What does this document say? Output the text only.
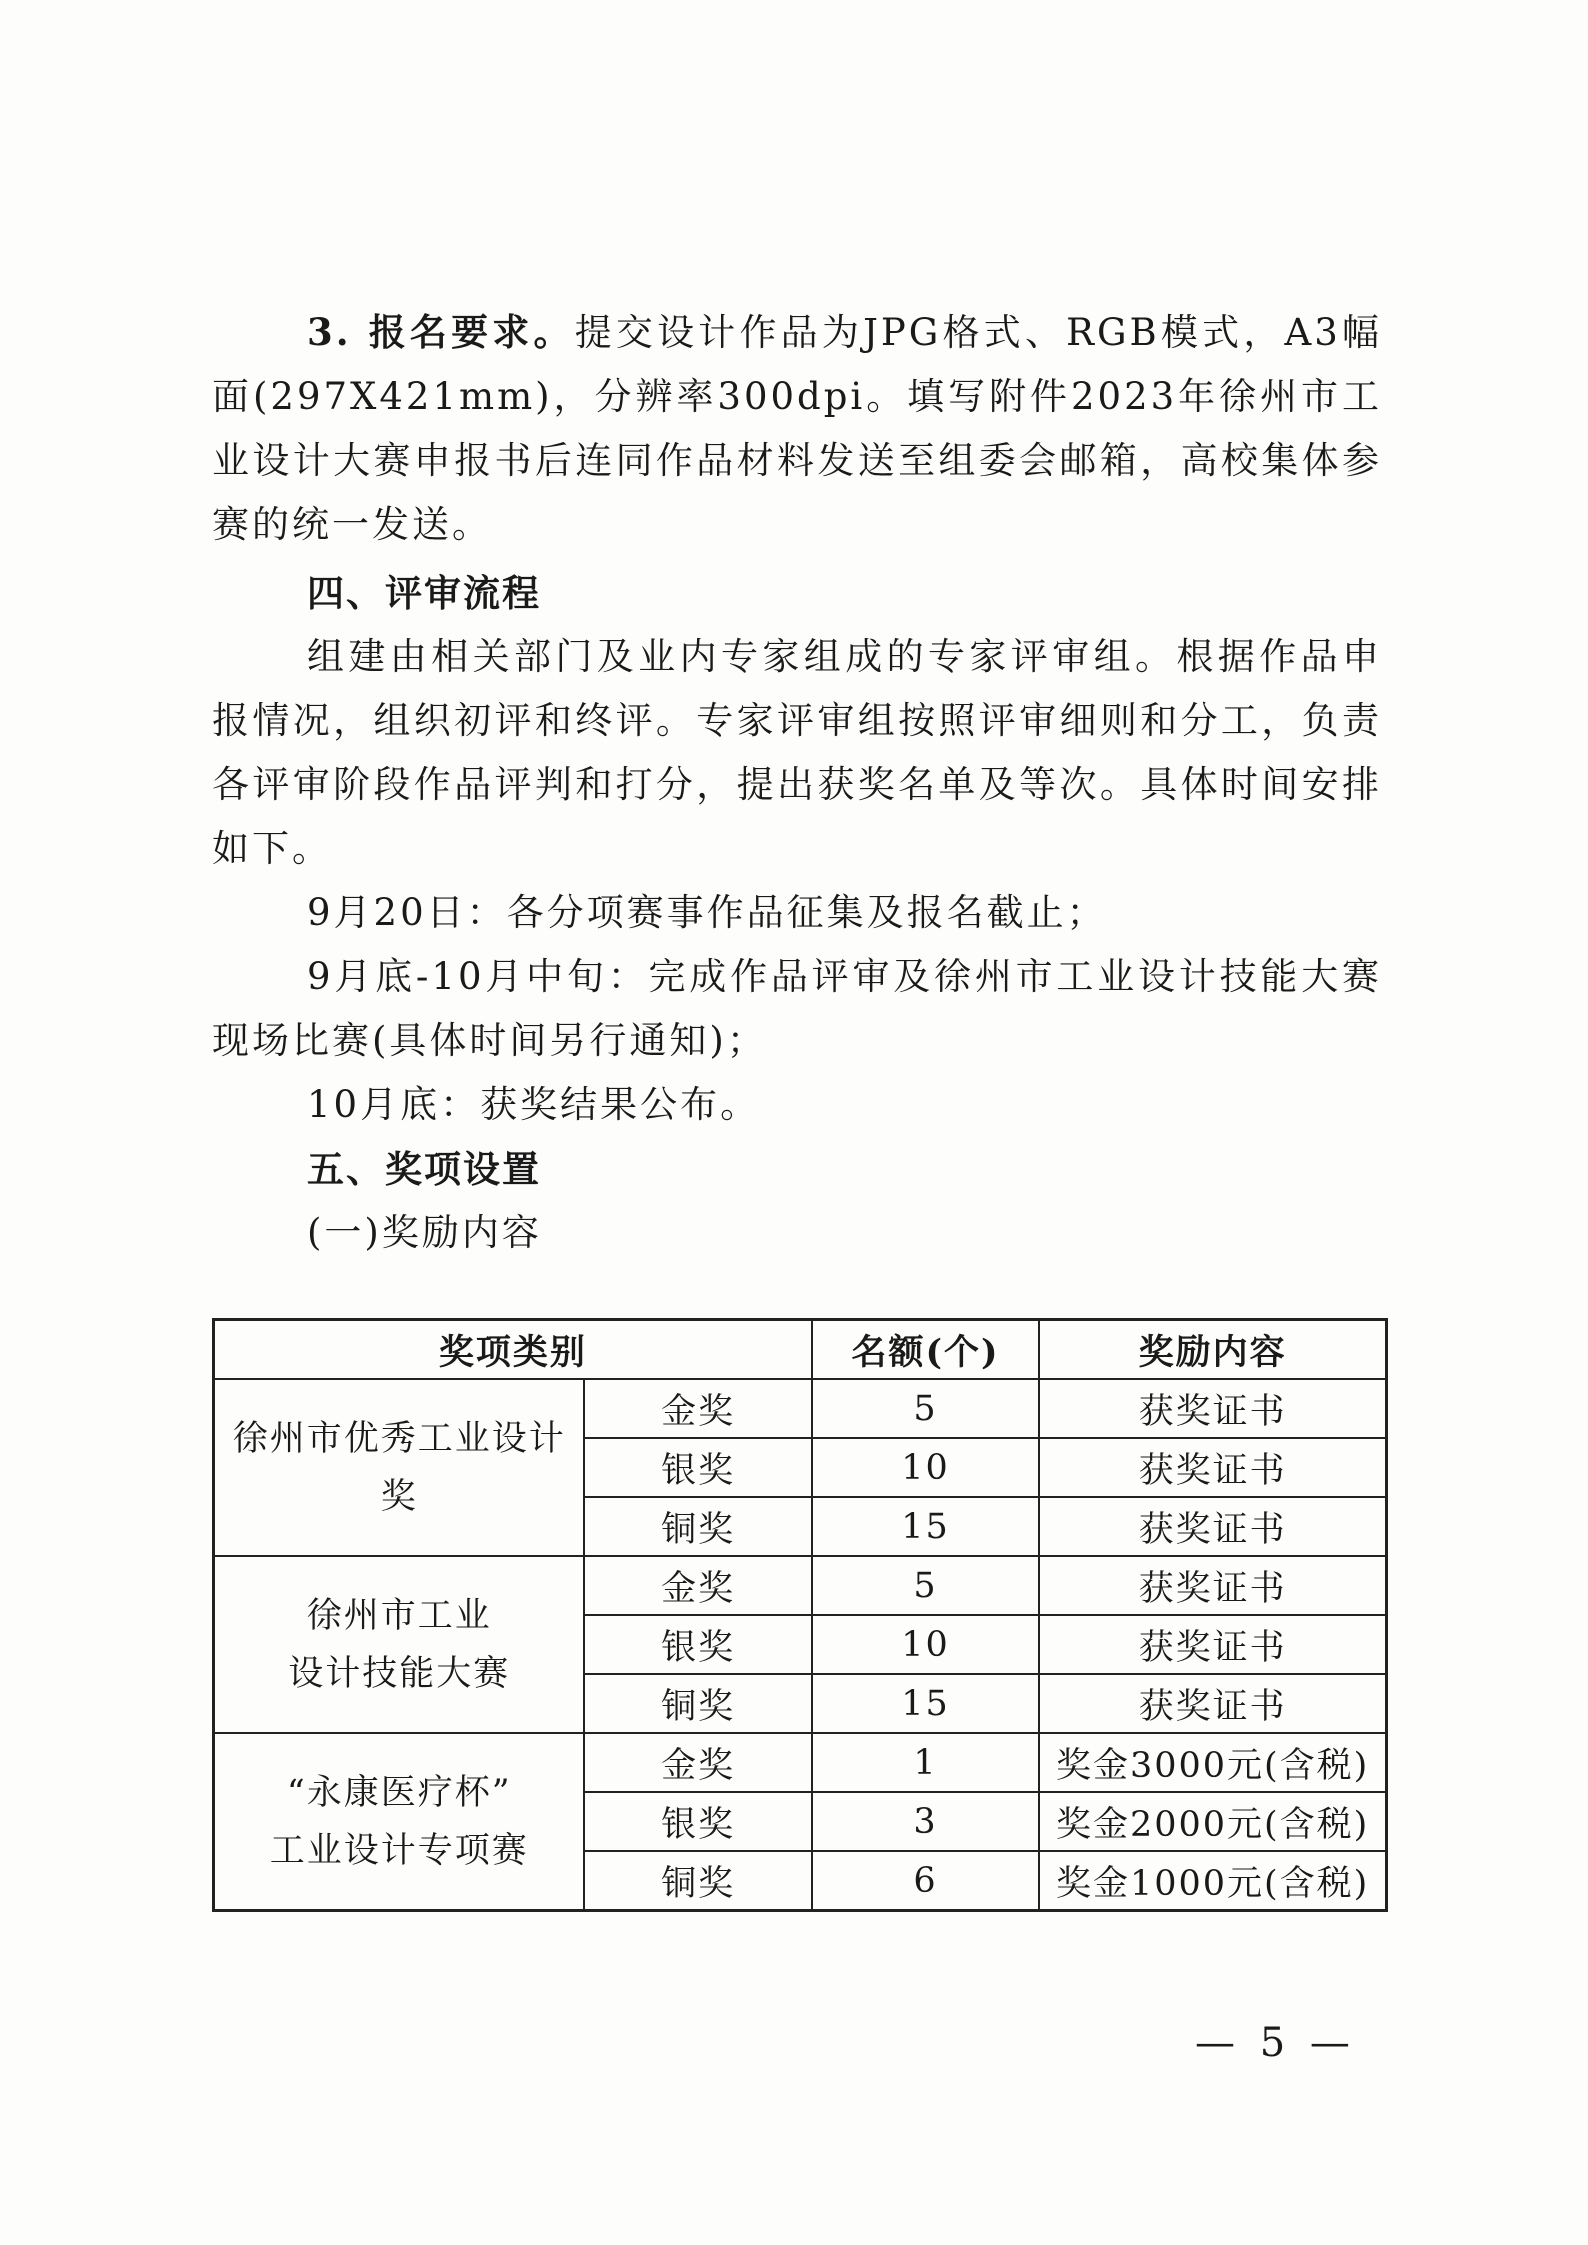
3. 报名要求。提交设计作品为JPG格式、RGB模式，A3幅面(297X421mm)，分辨率300dpi。填写附件2023年徐州市工业设计大赛申报书后连同作品材料发送至组委会邮箱，高校集体参赛的统一发送。

四、评审流程

组建由相关部门及业内专家组成的专家评审组。根据作品申报情况，组织初评和终评。专家评审组按照评审细则和分工，负责各评审阶段作品评判和打分，提出获奖名单及等次。具体时间安排如下。

9月20日：各分项赛事作品征集及报名截止；

9月底-10月中旬：完成作品评审及徐州市工业设计技能大赛现场比赛(具体时间另行通知)；

10月底：获奖结果公布。

五、奖项设置

(一)奖励内容

奖项类别		名额(个)	奖励内容
徐州市优秀工业设计奖	金奖	5	获奖证书
	银奖	10	获奖证书
	铜奖	15	获奖证书

徐州市工业
设计技能大赛	金奖	5	获奖证书
	银奖	10	获奖证书
	铜奖	15	获奖证书

“永康医疗杯”
工业设计专项赛	金奖	1	奖金3000元(含税)
	银奖	3	奖金2000元(含税)
	铜奖	6	奖金1000元(含税)
— 5 —
